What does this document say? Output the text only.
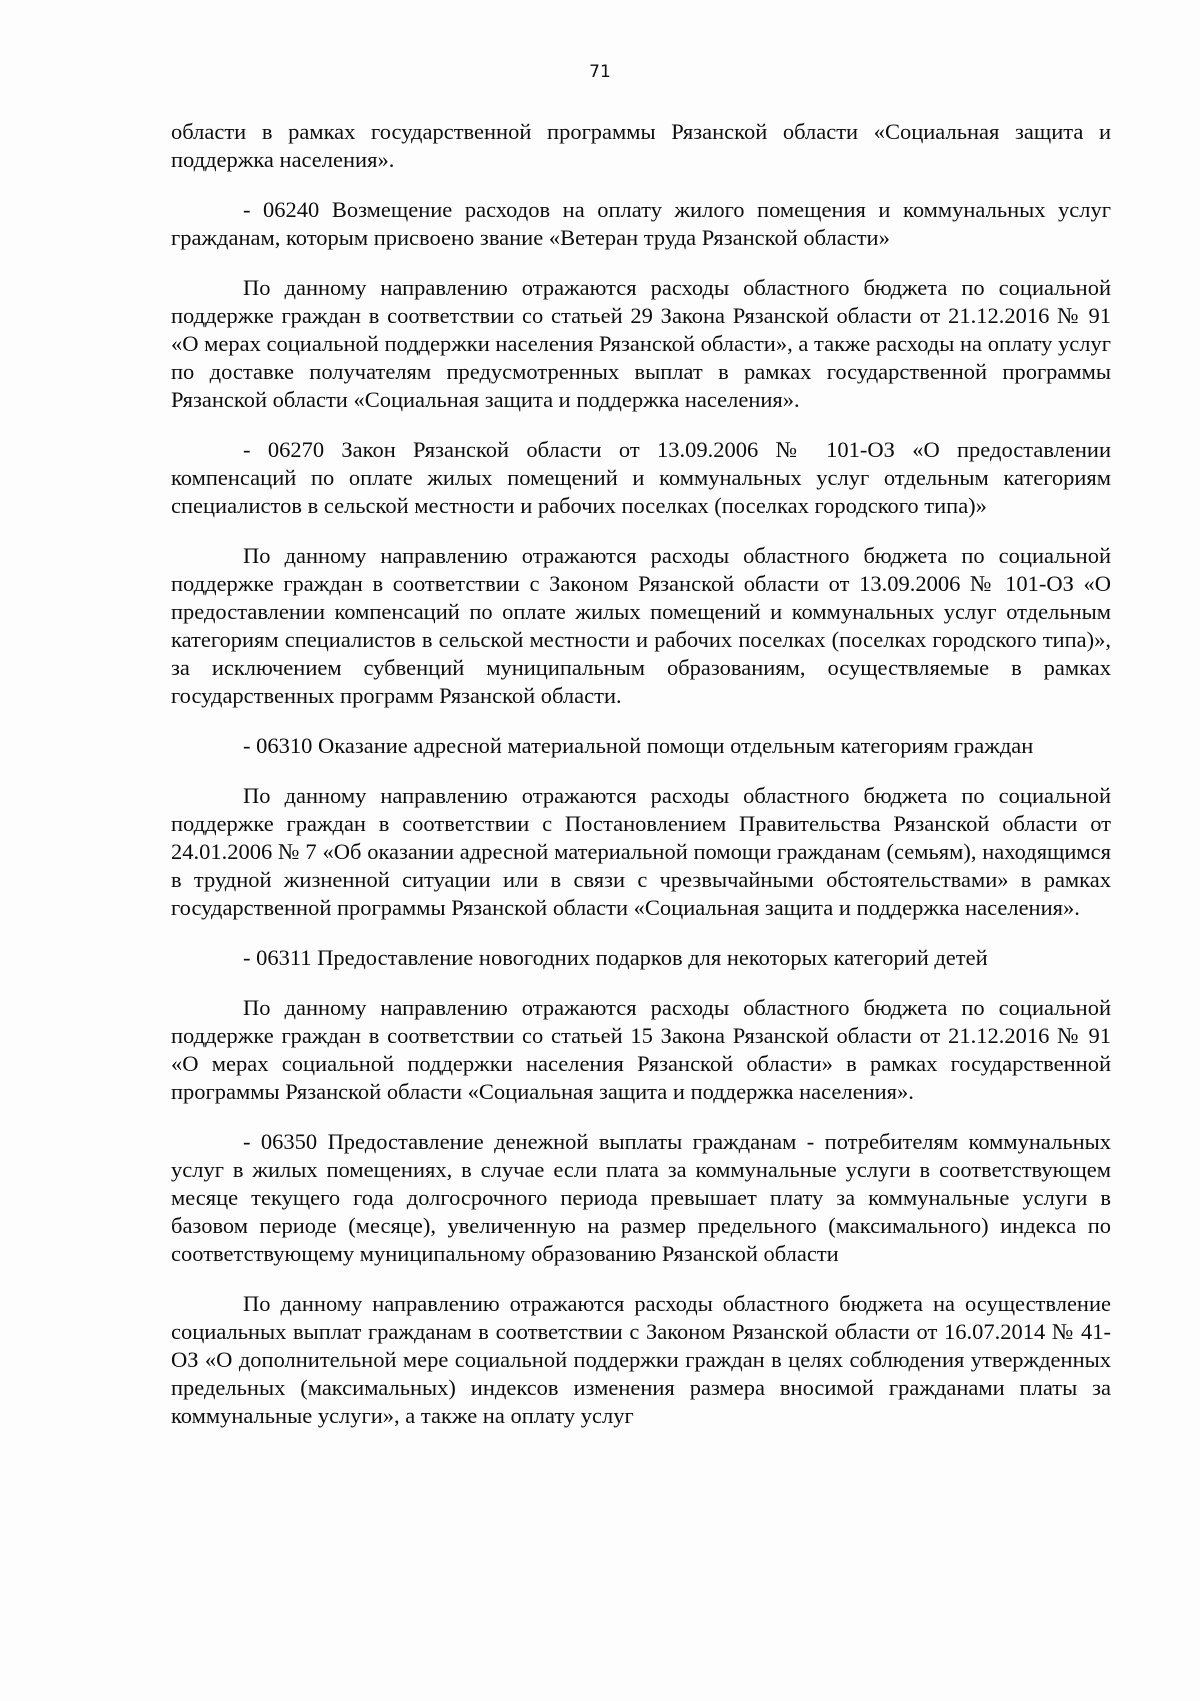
71

области в рамках государственной программы Рязанской области «Социальная защита и поддержка населения».

- 06240 Возмещение расходов на оплату жилого помещения и коммунальных услуг гражданам, которым присвоено звание «Ветеран труда Рязанской области»

По данному направлению отражаются расходы областного бюджета по социальной поддержке граждан в соответствии со статьей 29 Закона Рязанской области от 21.12.2016 № 91 «О мерах социальной поддержки населения Рязанской области», а также расходы на оплату услуг по доставке получателям предусмотренных выплат в рамках государственной программы Рязанской области «Социальная защита и поддержка населения».

- 06270 Закон Рязанской области от 13.09.2006 № 101-ОЗ «О предоставлении компенсаций по оплате жилых помещений и коммунальных услуг отдельным категориям специалистов в сельской местности и рабочих поселках (поселках городского типа)»

По данному направлению отражаются расходы областного бюджета по социальной поддержке граждан в соответствии с Законом Рязанской области от 13.09.2006 № 101-ОЗ «О предоставлении компенсаций по оплате жилых помещений и коммунальных услуг отдельным категориям специалистов в сельской местности и рабочих поселках (поселках городского типа)», за исключением субвенций муниципальным образованиям, осуществляемые в рамках государственных программ Рязанской области.

- 06310 Оказание адресной материальной помощи отдельным категориям граждан

По данному направлению отражаются расходы областного бюджета по социальной поддержке граждан в соответствии с Постановлением Правительства Рязанской области от 24.01.2006 № 7 «Об оказании адресной материальной помощи гражданам (семьям), находящимся в трудной жизненной ситуации или в связи с чрезвычайными обстоятельствами» в рамках государственной программы Рязанской области «Социальная защита и поддержка населения».

- 06311 Предоставление новогодних подарков для некоторых категорий детей

По данному направлению отражаются расходы областного бюджета по социальной поддержке граждан в соответствии со статьей 15 Закона Рязанской области от 21.12.2016 № 91 «О мерах социальной поддержки населения Рязанской области» в рамках государственной программы Рязанской области «Социальная защита и поддержка населения».

- 06350 Предоставление денежной выплаты гражданам - потребителям коммунальных услуг в жилых помещениях, в случае если плата за коммунальные услуги в соответствующем месяце текущего года долгосрочного периода превышает плату за коммунальные услуги в базовом периоде (месяце), увеличенную на размер предельного (максимального) индекса по соответствующему муниципальному образованию Рязанской области

По данному направлению отражаются расходы областного бюджета на осуществление социальных выплат гражданам в соответствии с Законом Рязанской области от 16.07.2014 № 41-ОЗ «О дополнительной мере социальной поддержки граждан в целях соблюдения утвержденных предельных (максимальных) индексов изменения размера вносимой гражданами платы за коммунальные услуги», а также на оплату услуг
